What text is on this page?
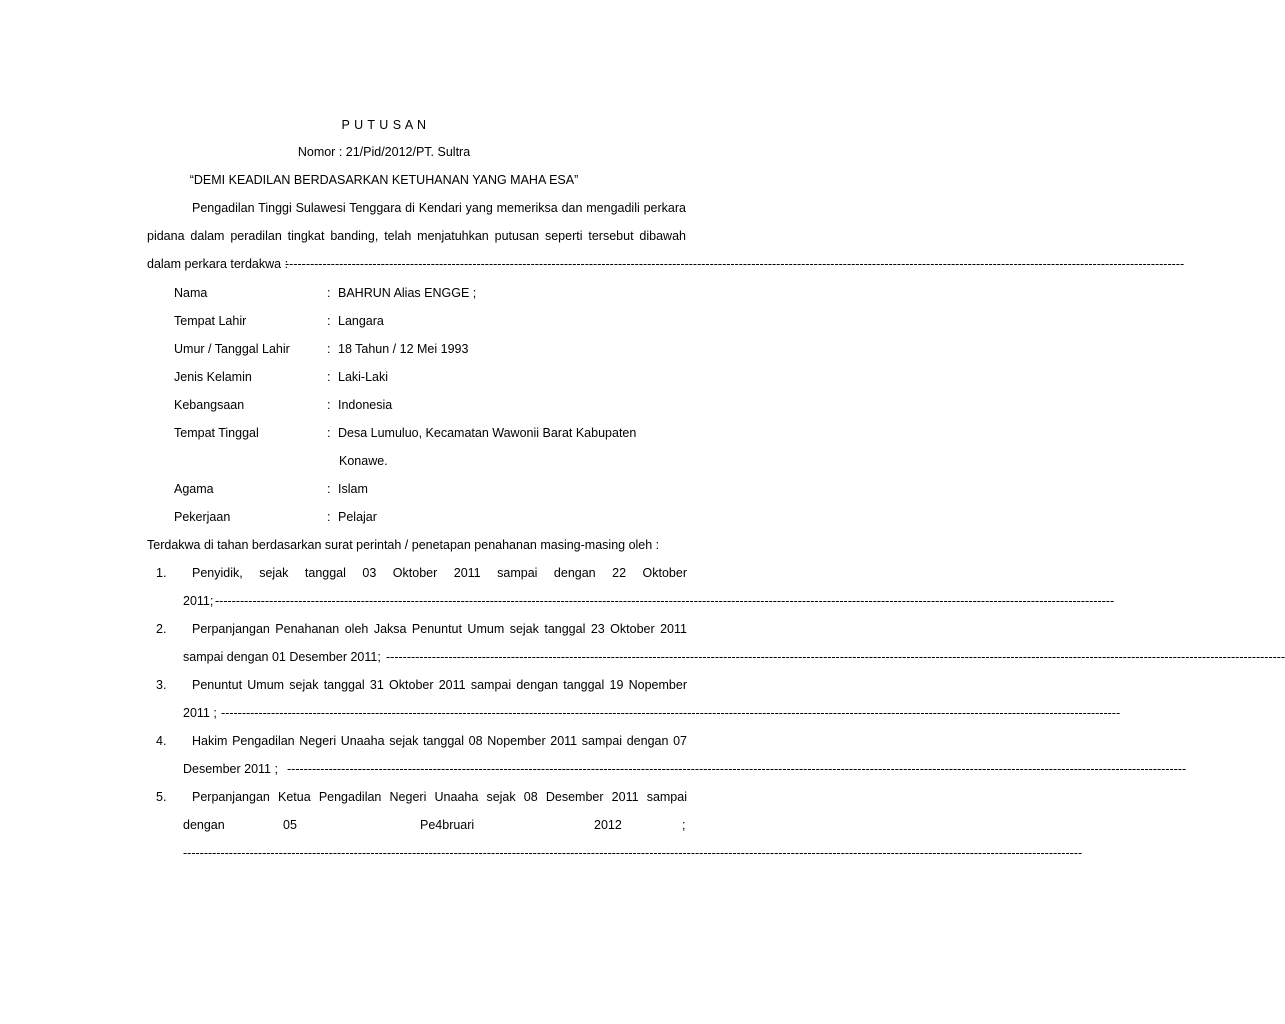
P U T U S A N
Nomor : 21/Pid/2012/PT. Sultra
“DEMI KEADILAN BERDASARKAN KETUHANAN YANG MAHA ESA”
Pengadilan Tinggi Sulawesi Tenggara di Kendari yang memeriksa dan mengadili perkara
pidana dalam peradilan tingkat banding, telah menjatuhkan putusan seperti tersebut dibawah
dalam perkara terdakwa :
------------------------------------------------------------------------------------------------------------------------------------------------------------------------------------------------------------------------
Nama	: BAHRUN Alias ENGGE ;
Tempat Lahir	: Langara
Umur / Tanggal Lahir	: 18 Tahun / 12 Mei 1993
Jenis Kelamin	: Laki-Laki
Kebangsaan	: Indonesia
Tempat Tinggal	: Desa Lumuluo, Kecamatan Wawonii Barat Kabupaten
Konawe.
Agama	: Islam
Pekerjaan	: Pelajar
Terdakwa di tahan berdasarkan surat perintah / penetapan penahanan masing-masing oleh :
1. Penyidik, sejak tanggal 03 Oktober 2011 sampai dengan 22 Oktober
2011; ------------------------------------------------------------------------------------------------------------------------------------------------------------------------------------------------------------------------
2. Perpanjangan Penahanan oleh Jaksa Penuntut Umum sejak tanggal 23 Oktober 2011
sampai dengan 01 Desember 2011; ------------------------------------------------------------------------------------------------------------------------------------------------------------------------------------------------------------------------
3. Penuntut Umum sejak tanggal 31 Oktober 2011 sampai dengan tanggal 19 Nopember
2011 ; ------------------------------------------------------------------------------------------------------------------------------------------------------------------------------------------------------------------------
4. Hakim Pengadilan Negeri Unaaha sejak tanggal 08 Nopember 2011 sampai dengan 07
Desember 2011 ; ------------------------------------------------------------------------------------------------------------------------------------------------------------------------------------------------------------------------
5. Perpanjangan Ketua Pengadilan Negeri Unaaha sejak 08 Desember 2011 sampai
dengan	05	Pe4bruari	2012	;
------------------------------------------------------------------------------------------------------------------------------------------------------------------------------------------------------------------------
